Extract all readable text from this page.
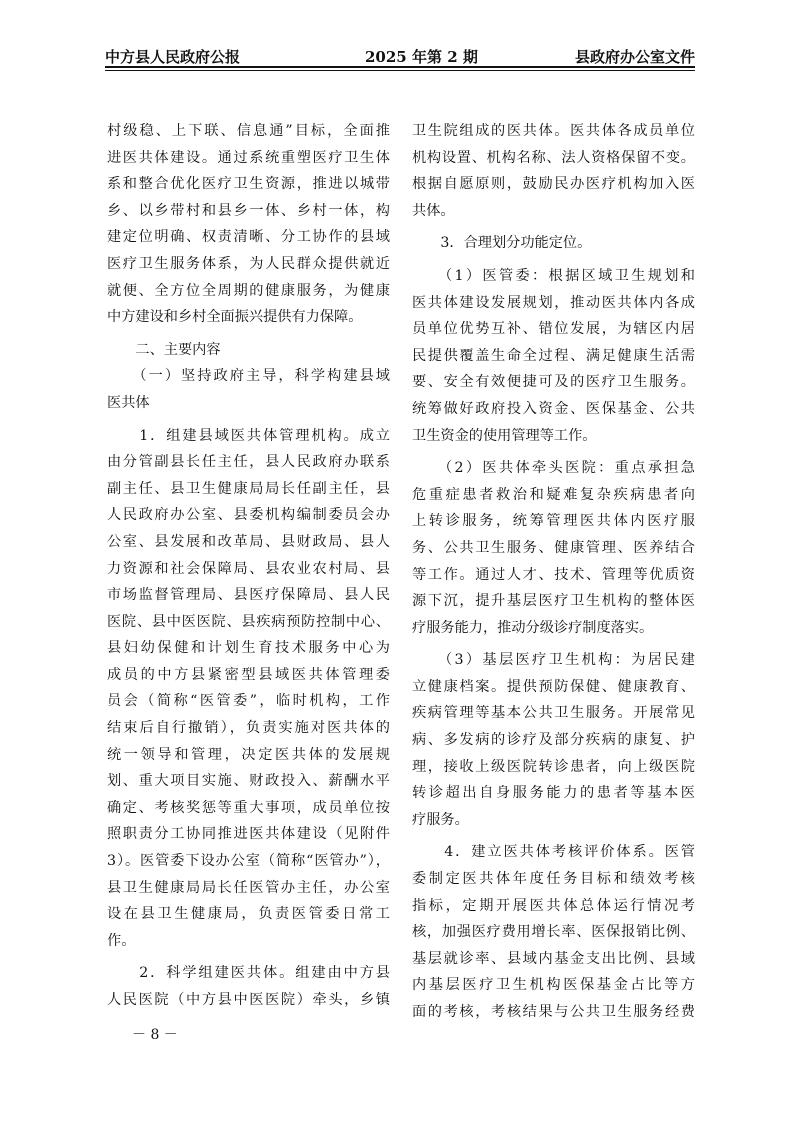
中方县人民政府公报	2025 年第 2 期	县政府办公室文件
村级稳、上下联、信息通”目标，全面推
进医共体建设。通过系统重塑医疗卫生体
系和整合优化医疗卫生资源，推进以城带
乡、以乡带村和县乡一体、乡村一体，构
建定位明确、权责清晰、分工协作的县域
医疗卫生服务体系，为人民群众提供就近
就便、全方位全周期的健康服务，为健康
中方建设和乡村全面振兴提供有力保障。
　　二、主要内容
　　（一）坚持政府主导，科学构建县域
医共体
　　1．组建县域医共体管理机构。成立
由分管副县长任主任，县人民政府办联系
副主任、县卫生健康局局长任副主任，县
人民政府办公室、县委机构编制委员会办
公室、县发展和改革局、县财政局、县人
力资源和社会保障局、县农业农村局、县
市场监督管理局、县医疗保障局、县人民
医院、县中医医院、县疾病预防控制中心、
县妇幼保健和计划生育技术服务中心为
成员的中方县紧密型县域医共体管理委
员会（简称“医管委”，临时机构，工作
结束后自行撤销），负责实施对医共体的
统一领导和管理，决定医共体的发展规
划、重大项目实施、财政投入、薪酬水平
确定、考核奖惩等重大事项，成员单位按
照职责分工协同推进医共体建设（见附件
3）。医管委下设办公室（简称“医管办”），
县卫生健康局局长任医管办主任，办公室
设在县卫生健康局，负责医管委日常工
作。
　　2．科学组建医共体。组建由中方县
人民医院（中方县中医医院）牵头，乡镇
卫生院组成的医共体。医共体各成员单位
机构设置、机构名称、法人资格保留不变。
根据自愿原则，鼓励民办医疗机构加入医
共体。
　　3．合理划分功能定位。
　　（1）医管委：根据区域卫生规划和
医共体建设发展规划，推动医共体内各成
员单位优势互补、错位发展，为辖区内居
民提供覆盖生命全过程、满足健康生活需
要、安全有效便捷可及的医疗卫生服务。
统筹做好政府投入资金、医保基金、公共
卫生资金的使用管理等工作。
　　（2）医共体牵头医院：重点承担急
危重症患者救治和疑难复杂疾病患者向
上转诊服务，统筹管理医共体内医疗服
务、公共卫生服务、健康管理、医养结合
等工作。通过人才、技术、管理等优质资
源下沉，提升基层医疗卫生机构的整体医
疗服务能力，推动分级诊疗制度落实。
　　（3）基层医疗卫生机构：为居民建
立健康档案。提供预防保健、健康教育、
疾病管理等基本公共卫生服务。开展常见
病、多发病的诊疗及部分疾病的康复、护
理，接收上级医院转诊患者，向上级医院
转诊超出自身服务能力的患者等基本医
疗服务。
　　4．建立医共体考核评价体系。医管
委制定医共体年度任务目标和绩效考核
指标，定期开展医共体总体运行情况考
核，加强医疗费用增长率、医保报销比例、
基层就诊率、县域内基金支出比例、县域
内基层医疗卫生机构医保基金占比等方
面的考核，考核结果与公共卫生服务经费
－ 8 －
